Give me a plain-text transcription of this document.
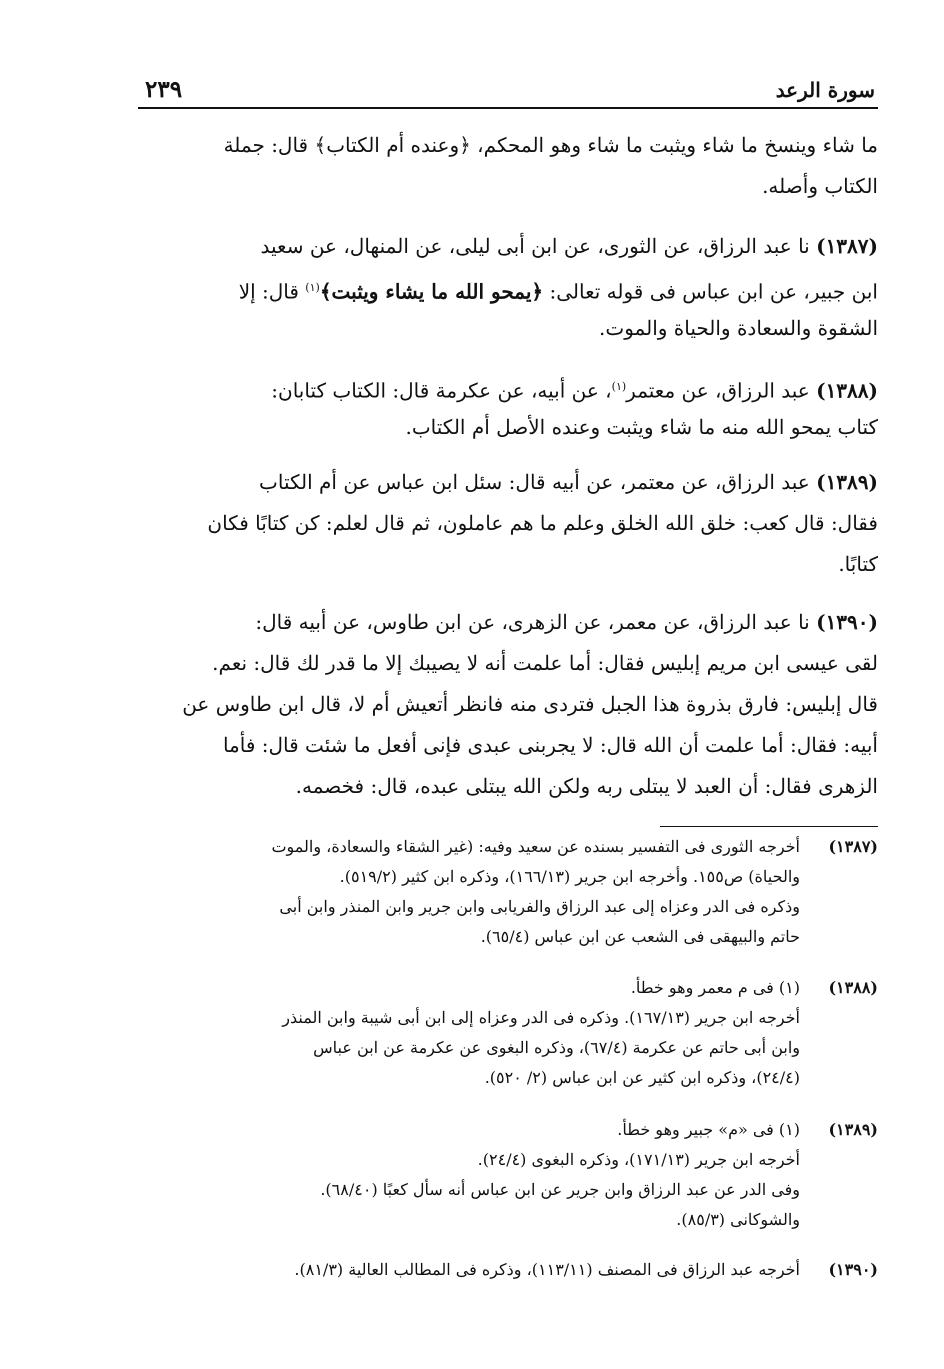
سورة الرعد
٢٣٩
ما شاء وينسخ ما شاء ويثبت ما شاء وهو المحكم، ﴿وعنده أم الكتاب﴾ قال: جملة
الكتاب وأصله.
(١٣٨٧) نا عبد الرزاق، عن الثورى، عن ابن أبى ليلى، عن المنهال، عن سعيد
ابن جبير، عن ابن عباس فى قوله تعالى: ﴿يمحو الله ما يشاء ويثبت﴾$^{(١)}$ قال: إلا
الشقوة والسعادة والحياة والموت.
(١٣٨٨) عبد الرزاق، عن معتمر$^{(١)}$، عن أبيه، عن عكرمة قال: الكتاب كتابان:
كتاب يمحو الله منه ما شاء ويثبت وعنده الأصل أم الكتاب.
(١٣٨٩) عبد الرزاق، عن معتمر، عن أبيه قال: سئل ابن عباس عن أم الكتاب
فقال: قال كعب: خلق الله الخلق وعلم ما هم عاملون، ثم قال لعلم: كن كتابًا فكان
كتابًا.
(١٣٩٠) نا عبد الرزاق، عن معمر، عن الزهرى، عن ابن طاوس، عن أبيه قال:
لقى عيسى ابن مريم إبليس فقال: أما علمت أنه لا يصيبك إلا ما قدر لك قال: نعم.
قال إبليس: فارق بذروة هذا الجبل فتردى منه فانظر أتعيش أم لا، قال ابن طاوس عن
أبيه: فقال: أما علمت أن الله قال: لا يجربنى عبدى فإنى أفعل ما شئت قال: فأما
الزهرى فقال: أن العبد لا يبتلى ربه ولكن الله يبتلى عبده، قال: فخصمه.
(١٣٨٧)أخرجه الثورى فى التفسير بسنده عن سعيد وفيه: (غير الشقاء والسعادة، والموت
والحياة) ص١٥٥. وأخرجه ابن جرير (١٦٦/١٣)، وذكره ابن كثير (٥١٩/٢).
وذكره فى الدر وعزاه إلى عبد الرزاق والفريابى وابن جرير وابن المنذر وابن أبى
حاتم والبيهقى فى الشعب عن ابن عباس (٦٥/٤).
(١٣٨٨)(١) فى م معمر وهو خطأ.
أخرجه ابن جرير (١٦٧/١٣). وذكره فى الدر وعزاه إلى ابن أبى شيبة وابن المنذر
وابن أبى حاتم عن عكرمة (٦٧/٤)، وذكره البغوى عن عكرمة عن ابن عباس
(٢٤/٤)، وذكره ابن كثير عن ابن عباس (٢/ ٥٢٠).
(١٣٨٩)(١) فى «م» جبير وهو خطأ.
أخرجه ابن جرير (١٧١/١٣)، وذكره البغوى (٢٤/٤).
وفى الدر عن عبد الرزاق وابن جرير عن ابن عباس أنه سأل كعبًا (٦٨/٤٠).
والشوكانى (٨٥/٣).
(١٣٩٠)أخرجه عبد الرزاق فى المصنف (١١٣/١١)، وذكره فى المطالب العالية (٨١/٣).
